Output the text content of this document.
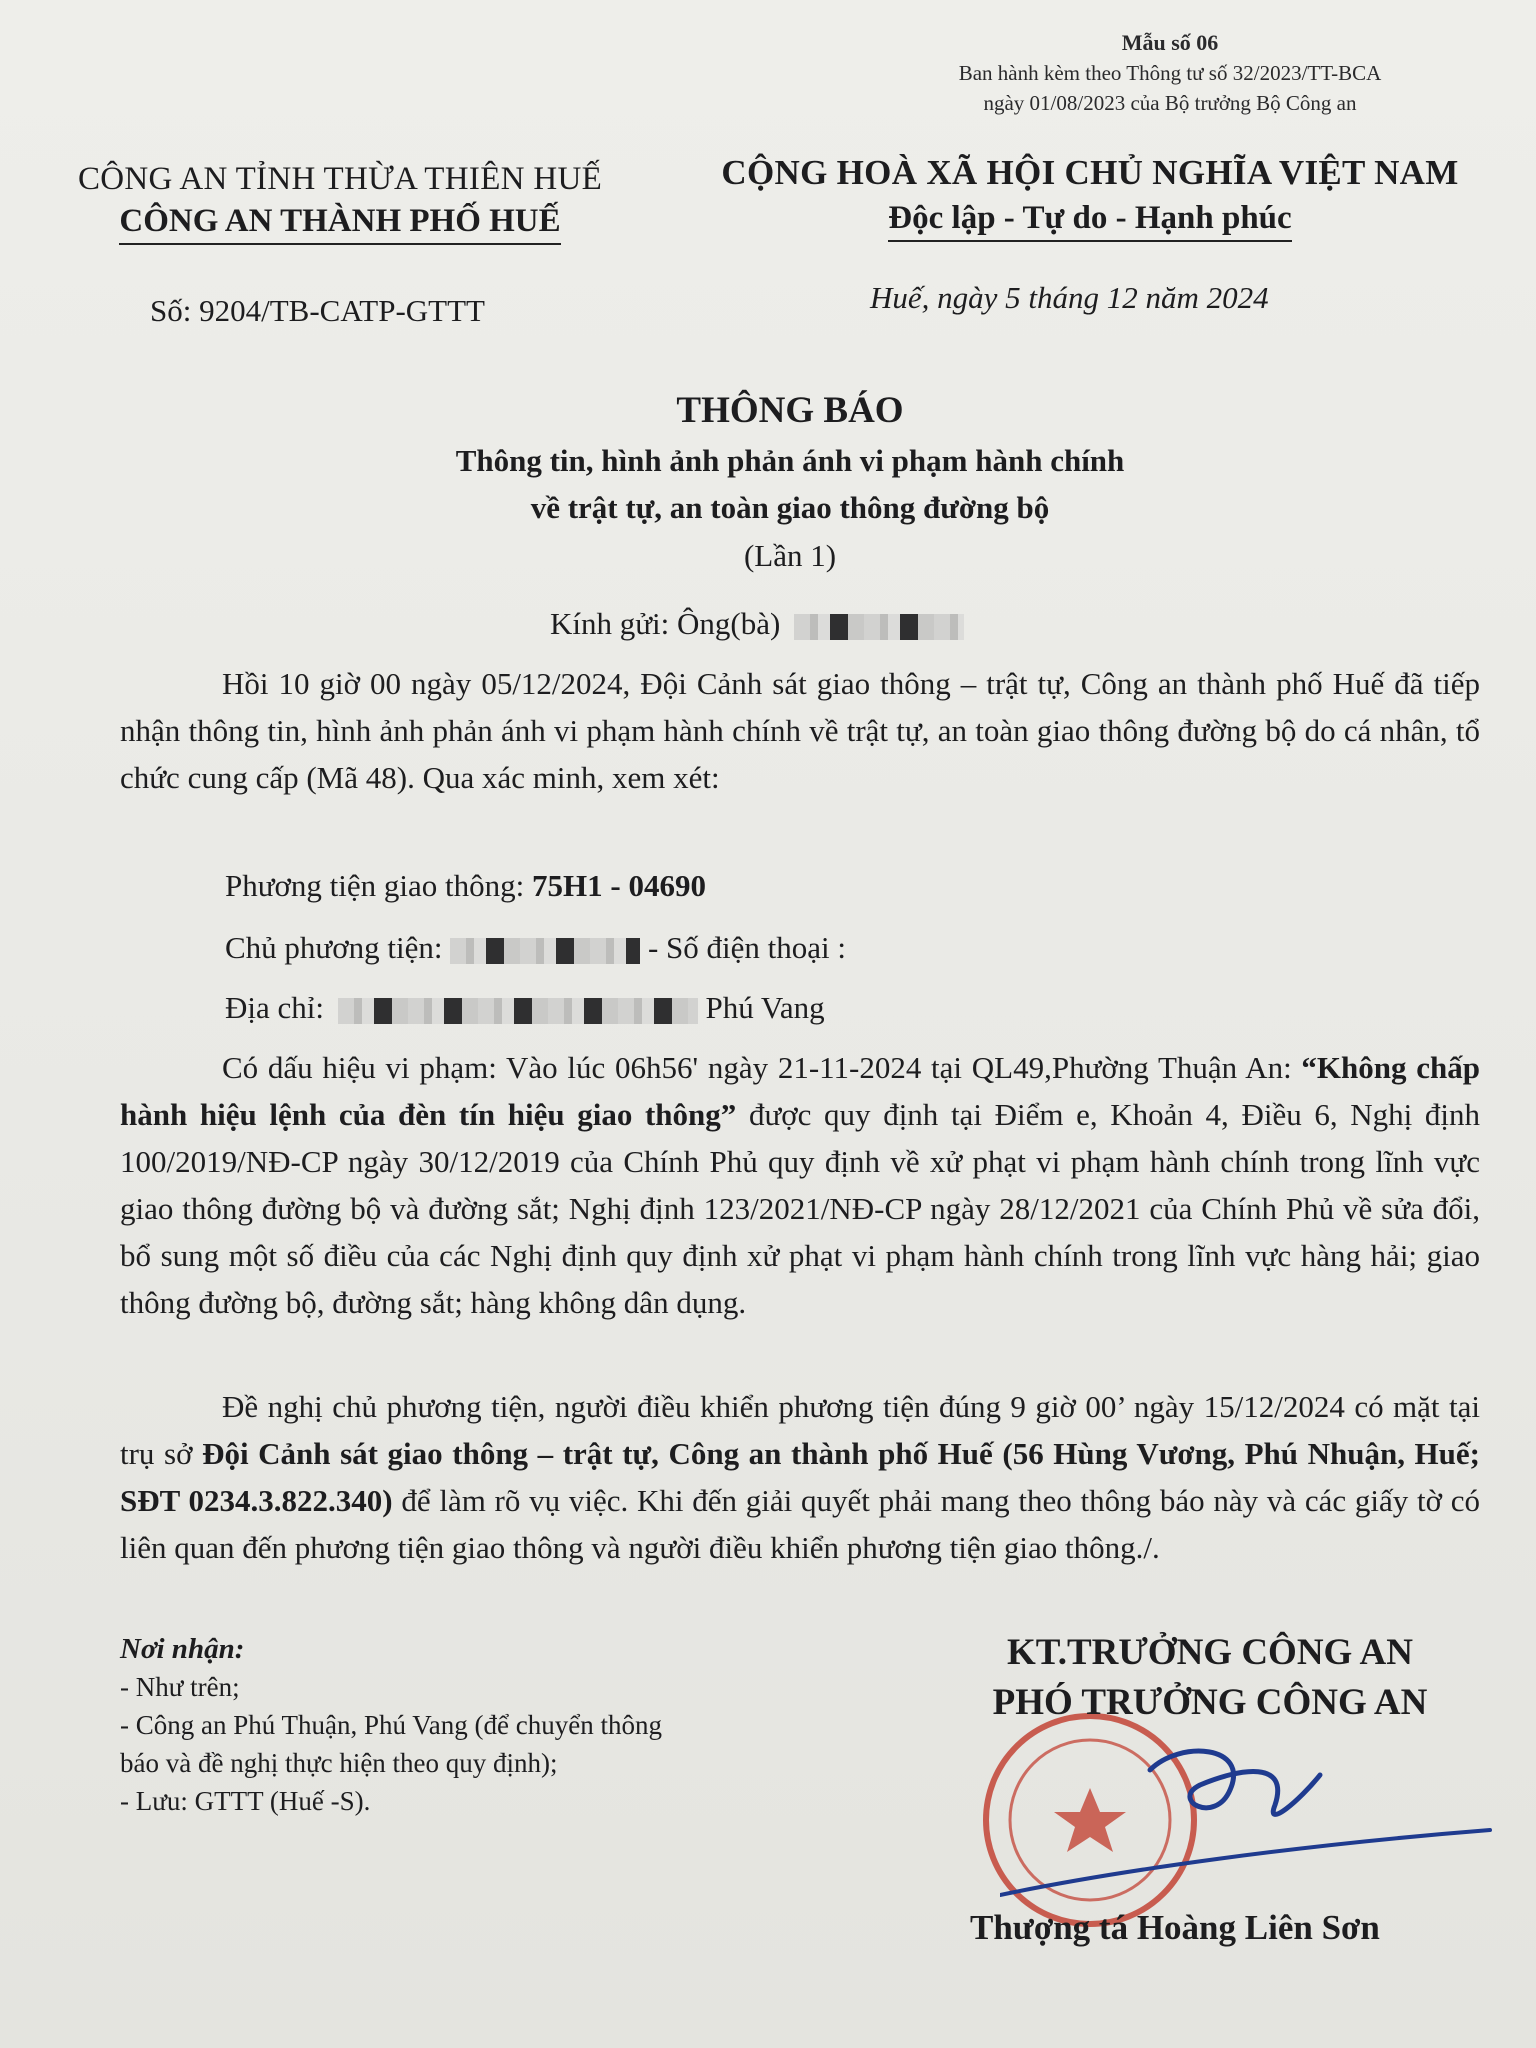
Mẫu số 06
Ban hành kèm theo Thông tư số 32/2023/TT-BCA
ngày 01/08/2023 của Bộ trưởng Bộ Công an
CÔNG AN TỈNH THỪA THIÊN HUẾ
CÔNG AN THÀNH PHỐ HUẾ
Số: 9204/TB-CATP-GTTT
CỘNG HOÀ XÃ HỘI CHỦ NGHĨA VIỆT NAM
Độc lập - Tự do - Hạnh phúc
Huế, ngày 5 tháng 12 năm 2024
THÔNG BÁO
Thông tin, hình ảnh phản ánh vi phạm hành chính
về trật tự, an toàn giao thông đường bộ
(Lần 1)
Kính gửi: Ông(bà)
Hồi 10 giờ 00 ngày 05/12/2024, Đội Cảnh sát giao thông – trật tự, Công an thành phố Huế đã tiếp nhận thông tin, hình ảnh phản ánh vi phạm hành chính về trật tự, an toàn giao thông đường bộ do cá nhân, tổ chức cung cấp (Mã 48). Qua xác minh, xem xét:
Phương tiện giao thông: 75H1 - 04690
Chủ phương tiện:	- Số điện thoại :
Địa chỉ:	Phú Vang
Có dấu hiệu vi phạm: Vào lúc 06h56' ngày 21-11-2024 tại QL49,Phường Thuận An: “Không chấp hành hiệu lệnh của đèn tín hiệu giao thông” được quy định tại Điểm e, Khoản 4, Điều 6, Nghị định 100/2019/NĐ-CP ngày 30/12/2019 của Chính Phủ quy định về xử phạt vi phạm hành chính trong lĩnh vực giao thông đường bộ và đường sắt; Nghị định 123/2021/NĐ-CP ngày 28/12/2021 của Chính Phủ về sửa đổi, bổ sung một số điều của các Nghị định quy định xử phạt vi phạm hành chính trong lĩnh vực hàng hải; giao thông đường bộ, đường sắt; hàng không dân dụng.
Đề nghị chủ phương tiện, người điều khiển phương tiện đúng 9 giờ 00’ ngày 15/12/2024 có mặt tại trụ sở Đội Cảnh sát giao thông – trật tự, Công an thành phố Huế (56 Hùng Vương, Phú Nhuận, Huế; SĐT 0234.3.822.340) để làm rõ vụ việc. Khi đến giải quyết phải mang theo thông báo này và các giấy tờ có liên quan đến phương tiện giao thông và người điều khiển phương tiện giao thông./.
Nơi nhận:
- Như trên;
- Công an Phú Thuận, Phú Vang (để chuyển thông
báo và đề nghị thực hiện theo quy định);
- Lưu: GTTT (Huế -S).
KT.TRƯỞNG CÔNG AN
PHÓ TRƯỞNG CÔNG AN
Thượng tá Hoàng Liên Sơn
